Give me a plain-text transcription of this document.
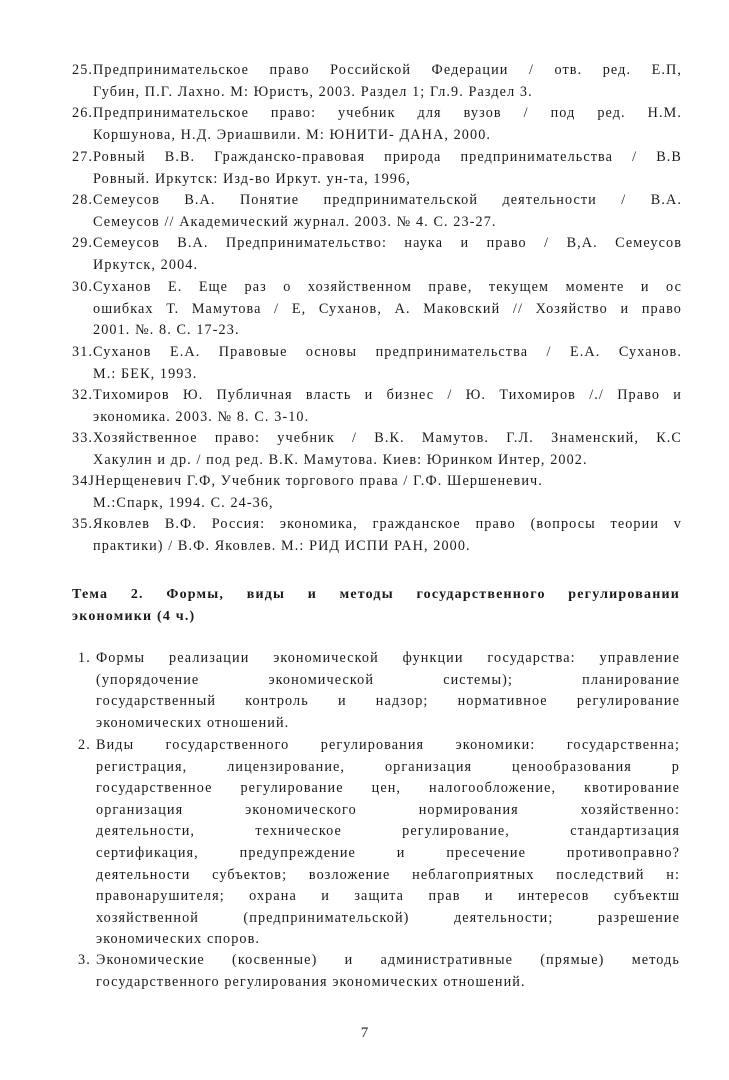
25.Предпринимательское право Российской Федерации / отв. ред. Е.П,
Губин, П.Г. Лахно. М: Юристъ, 2003. Раздел 1; Гл.9. Раздел 3.
26.Предпринимательское право: учебник для вузов / под ред. Н.М.
Коршунова, Н.Д. Эриашвили. М: ЮНИТИ- ДАНА, 2000.
27.Ровный В.В. Гражданско-правовая природа предпринимательства / В.В
Ровный. Иркутск: Изд-во Иркут. ун-та, 1996,
28.Семеусов В.А. Понятие предпринимательской деятельности / В.А.
Семеусов // Академический журнал. 2003. № 4. С. 23-27.
29.Семеусов В.А. Предпринимательство: наука и право / В,А. Семеусов
Иркутск, 2004.
30.Суханов Е. Еще раз о хозяйственном праве, текущем моменте и ос
ошибках Т. Мамутова / Е, Суханов, А. Маковский // Хозяйство и право
2001. №. 8. С. 17-23.
31.Суханов Е.А. Правовые основы предпринимательства / Е.А. Суханов.
М.: БЕК, 1993.
32.Тихомиров Ю. Публичная власть и бизнес / Ю. Тихомиров /./ Право и
экономика. 2003. № 8. С. 3-10.
33.Хозяйственное право: учебник / В.К. Мамутов. Г.Л. Знаменский, К.С
Хакулин и др. / под ред. В.К. Мамутова. Киев: Юринком Интер, 2002.
34JНерщеневич Г.Ф, Учебник торгового права / Г.Ф. Шершеневич.
М.:Спарк, 1994. С. 24-36,
35.Яковлев В.Ф. Россия: экономика, гражданское право (вопросы теории v
практики) / В.Ф. Яковлев. М.: РИД ИСПИ РАН, 2000.
Тема 2. Формы, виды и методы государственного регулировании
экономики (4 ч.)
1. Формы реализации экономической функции государства: управление
(упорядочение экономической системы); планирование
государственный контроль и надзор; нормативное регулирование
экономических отношений.
2. Виды государственного регулирования экономики: государственна;
регистрация, лицензирование, организация ценообразования р
государственное регулирование цен, налогообложение, квотирование
организация экономического нормирования хозяйственно:
деятельности, техническое регулирование, стандартизация
сертификация, предупреждение и пресечение противоправно?
деятельности субъектов; возложение неблагоприятных последствий н:
правонарушителя; охрана и защита прав и интересов субъектш
хозяйственной (предпринимательской) деятельности; разрешение
экономических споров.
3. Экономические (косвенные) и административные (прямые) методь
государственного регулирования экономических отношений.
7
